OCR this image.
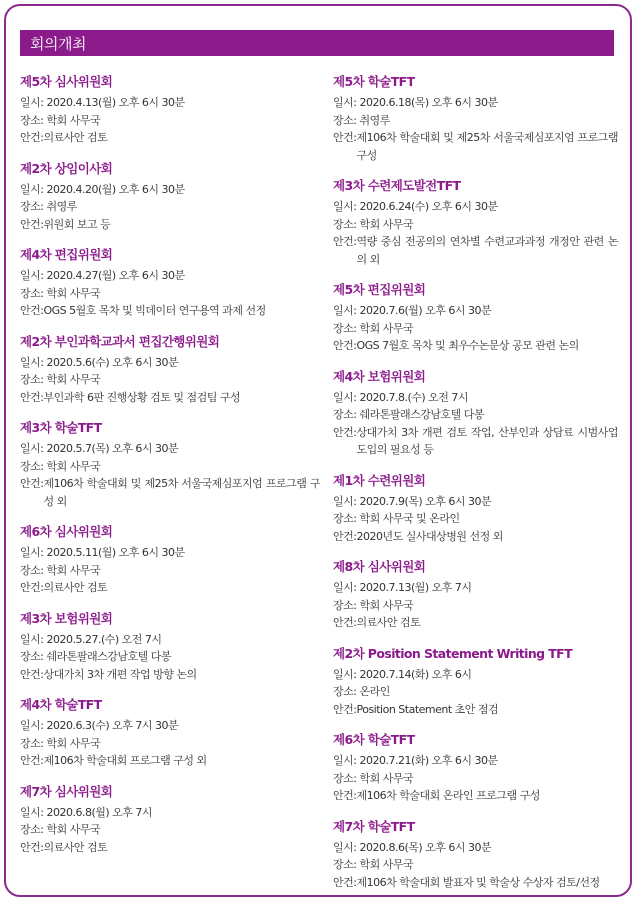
회의개최
제5차 심사위원회
일시: 2020.4.13(월) 오후 6시 30분
장소: 학회 사무국
안건: 의료사안 검토
제2차 상임이사회
일시: 2020.4.20(월) 오후 6시 30분
장소: 취영루
안건: 위원회 보고 등
제4차 편집위원회
일시: 2020.4.27(월) 오후 6시 30분
장소: 학회 사무국
안건: OGS 5월호 목차 및 빅데이터 연구용역 과제 선정
제2차 부인과학교과서 편집간행위원회
일시: 2020.5.6(수) 오후 6시 30분
장소: 학회 사무국
안건: 부인과학 6판 진행상황 검토 및 점검팀 구성
제3차 학술TFT
일시: 2020.5.7(목) 오후 6시 30분
장소: 학회 사무국
안건: 제106차 학술대회 및 제25차 서울국제심포지엄 프로그램 구성 외
제6차 심사위원회
일시: 2020.5.11(월) 오후 6시 30분
장소: 학회 사무국
안건: 의료사안 검토
제3차 보험위원회
일시: 2020.5.27.(수) 오전 7시
장소: 쉐라톤팔래스강남호텔 다봉
안건: 상대가치 3차 개편 작업 방향 논의
제4차 학술TFT
일시: 2020.6.3(수) 오후 7시 30분
장소: 학회 사무국
안건: 제106차 학술대회 프로그램 구성 외
제7차 심사위원회
일시: 2020.6.8(월) 오후 7시
장소: 학회 사무국
안건: 의료사안 검토
제5차 학술TFT
일시: 2020.6.18(목) 오후 6시 30분
장소: 취영루
안건: 제106차 학술대회 및 제25차 서울국제심포지엄 프로그램 구성
제3차 수련제도발전TFT
일시: 2020.6.24(수) 오후 6시 30분
장소: 학회 사무국
안건: 역량 중심 전공의의 연차별 수련교과과정 개정안 관련 논의 외
제5차 편집위원회
일시: 2020.7.6(월) 오후 6시 30분
장소: 학회 사무국
안건: OGS 7월호 목차 및 최우수논문상 공모 관련 논의
제4차 보험위원회
일시: 2020.7.8.(수) 오전 7시
장소: 쉐라톤팔래스강남호텔 다봉
안건: 상대가치 3차 개편 검토 작업, 산부인과 상담료 시범사업 도입의 필요성 등
제1차 수련위원회
일시: 2020.7.9(목) 오후 6시 30분
장소: 학회 사무국 및 온라인
안건: 2020년도 실사대상병원 선정 외
제8차 심사위원회
일시: 2020.7.13(월) 오후 7시
장소: 학회 사무국
안건: 의료사안 검토
제2차 Position Statement Writing TFT
일시: 2020.7.14(화) 오후 6시
장소: 온라인
안건: Position Statement 초안 점검
제6차 학술TFT
일시: 2020.7.21(화) 오후 6시 30분
장소: 학회 사무국
안건: 제106차 학술대회 온라인 프로그램 구성
제7차 학술TFT
일시: 2020.8.6(목) 오후 6시 30분
장소: 학회 사무국
안건: 제106차 학술대회 발표자 및 학술상 수상자 검토/선정
